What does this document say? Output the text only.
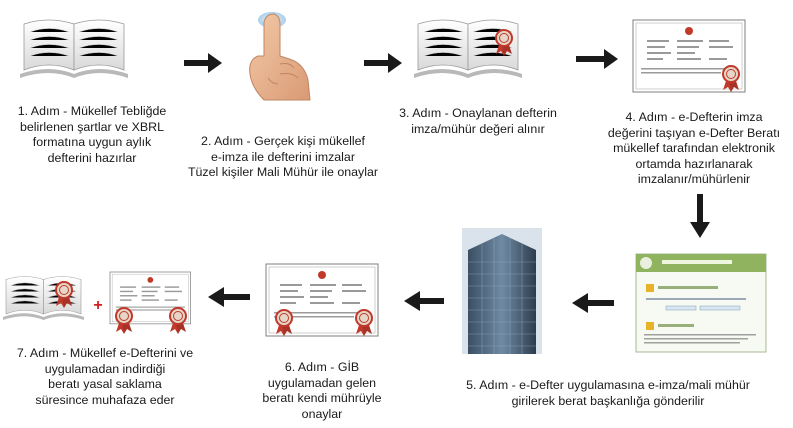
+
1. Adım - Mükellef Tebliğde
belirlenen şartlar ve XBRL
formatına uygun aylık
defterini hazırlar
2. Adım - Gerçek kişi mükellef
e-imza ile defterini imzalar
Tüzel kişiler Mali Mühür ile onaylar
3. Adım - Onaylanan defterin
imza/mühür değeri alınır
4. Adım - e-Defterin imza
değerini taşıyan e-Defter Beratı
mükellef tarafından elektronik
ortamda hazırlanarak
imzalanır/mühürlenir
5. Adım - e-Defter uygulamasına e-imza/mali mühür
girilerek berat başkanlığa gönderilir
6. Adım - GİB
uygulamadan gelen
beratı kendi mührüyle
onaylar
7. Adım - Mükellef e-Defterini ve
uygulamadan indirdiği
beratı yasal saklama
süresince muhafaza eder
